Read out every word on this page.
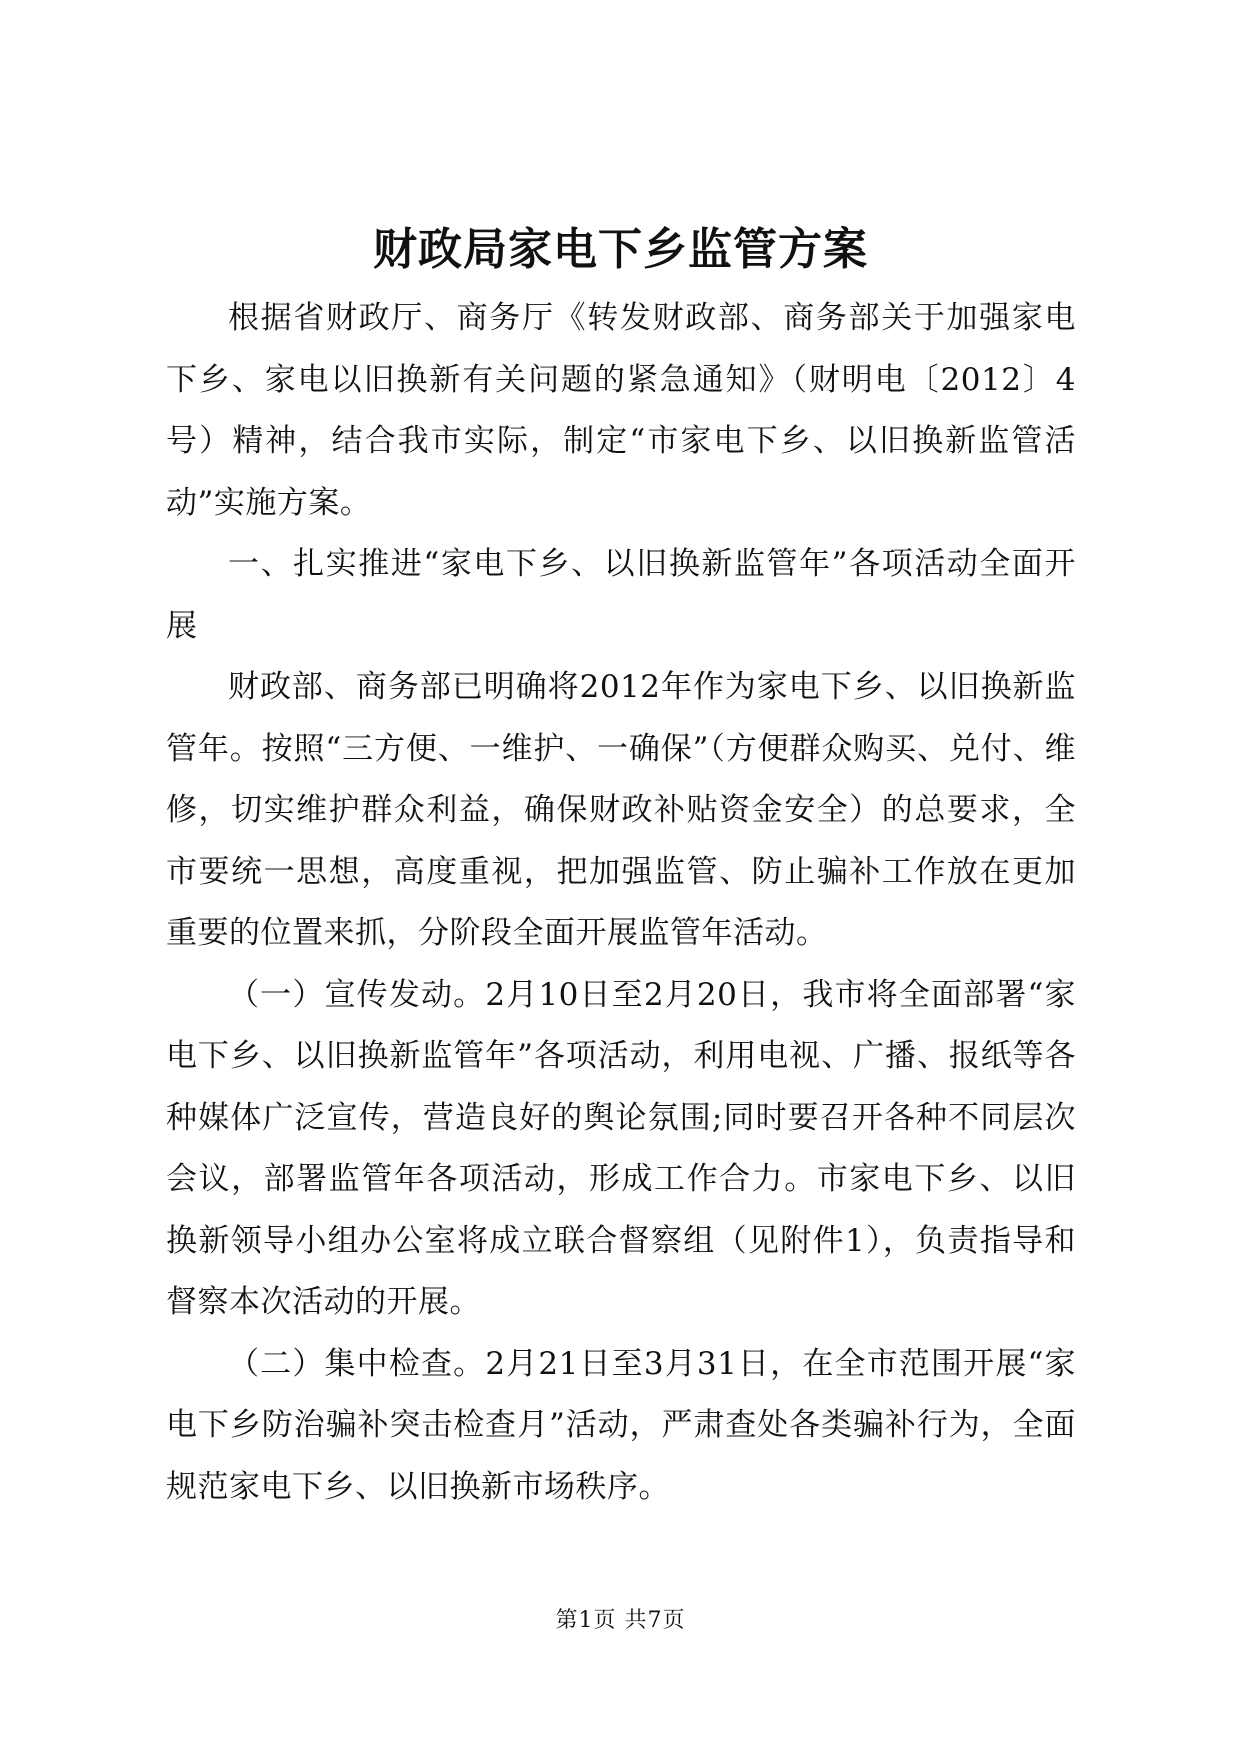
财政局家电下乡监管方案

根据省财政厅、商务厅《转发财政部、商务部关于加强家电下乡、家电以旧换新有关问题的紧急通知》（财明电〔2012〕4号）精神，结合我市实际，制定“市家电下乡、以旧换新监管活动”实施方案。

一、扎实推进“家电下乡、以旧换新监管年”各项活动全面开展

财政部、商务部已明确将2012年作为家电下乡、以旧换新监管年。按照“三方便、一维护、一确保”（方便群众购买、兑付、维修，切实维护群众利益，确保财政补贴资金安全）的总要求，全市要统一思想，高度重视，把加强监管、防止骗补工作放在更加重要的位置来抓，分阶段全面开展监管年活动。

（一）宣传发动。2月10日至2月20日，我市将全面部署“家电下乡、以旧换新监管年”各项活动，利用电视、广播、报纸等各种媒体广泛宣传，营造良好的舆论氛围;同时要召开各种不同层次会议，部署监管年各项活动，形成工作合力。市家电下乡、以旧换新领导小组办公室将成立联合督察组（见附件1），负责指导和督察本次活动的开展。

（二）集中检查。2月21日至3月31日，在全市范围开展“家电下乡防治骗补突击检查月”活动，严肃查处各类骗补行为，全面规范家电下乡、以旧换新市场秩序。

第1页 共7页
